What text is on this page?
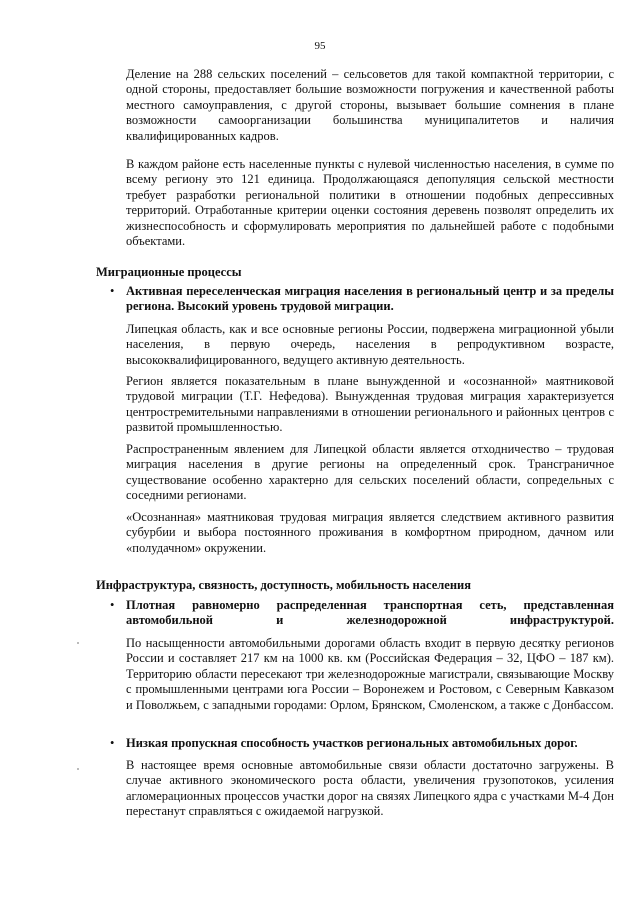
95

Деление на 288 сельских поселений – сельсоветов для такой компактной территории, с одной стороны, предоставляет большие возможности погружения и качественной работы местного самоуправления, с другой стороны, вызывает большие сомнения в плане возможности самоорганизации большинства муниципалитетов и наличия квалифицированных кадров.

В каждом районе есть населенные пункты с нулевой численностью населения, в сумме по всему региону это 121 единица. Продолжающаяся депопуляция сельской местности требует разработки региональной политики в отношении подобных депрессивных территорий. Отработанные критерии оценки состояния деревень позволят определить их жизнеспособность и сформулировать мероприятия по дальнейшей работе с подобными объектами.

Миграционные процессы
• Активная переселенческая миграция населения в региональный центр и за пределы региона. Высокий уровень трудовой миграции.

Липецкая область, как и все основные регионы России, подвержена миграционной убыли населения, в первую очередь, населения в репродуктивном возрасте, высококвалифицированного, ведущего активную деятельность.

Регион является показательным в плане вынужденной и «осознанной» маятниковой трудовой миграции (Т.Г. Нефедова). Вынужденная трудовая миграция характеризуется центростремительными направлениями в отношении регионального и районных центров с развитой промышленностью.

Распространенным явлением для Липецкой области является отходничество – трудовая миграция населения в другие регионы на определенный срок. Трансграничное существование особенно характерно для сельских поселений области, сопредельных с соседними регионами.

«Осознанная» маятниковая трудовая миграция является следствием активного развития субурбии и выбора постоянного проживания в комфортном природном, дачном или «полудачном» окружении.

Инфраструктура, связность, доступность, мобильность населения
• Плотная равномерно распределенная транспортная сеть, представленная автомобильной и железнодорожной инфраструктурой.

По насыщенности автомобильными дорогами область входит в первую десятку регионов России и составляет 217 км на 1000 кв. км (Российская Федерация – 32, ЦФО – 187 км). Территорию области пересекают три железнодорожные магистрали, связывающие Москву с промышленными центрами юга России – Воронежем и Ростовом, с Северным Кавказом и Поволжьем, с западными городами: Орлом, Брянском, Смоленском, а также с Донбассом.

• Низкая пропускная способность участков региональных автомобильных дорог.

В настоящее время основные автомобильные связи области достаточно загружены. В случае активного экономического роста области, увеличения грузопотоков, усиления агломерационных процессов участки дорог на связях Липецкого ядра с участками М-4 Дон перестанут справляться с ожидаемой нагрузкой.
